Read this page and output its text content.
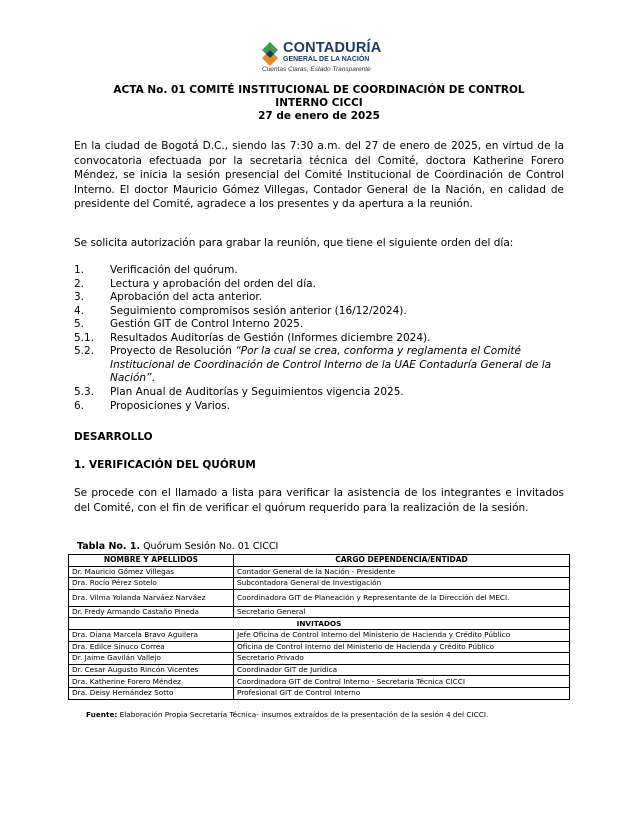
CONTADURÍA
GENERAL DE LA NACIÓN
Cuentas Claras, Estado Transparente
ACTA No. 01 COMITÉ INSTITUCIONAL DE COORDINACIÓN DE CONTROL
INTERNO CICCI
27 de enero de 2025
En la ciudad de Bogotá D.C., siendo las 7:30 a.m. del 27 de enero de 2025, en virtud de la convocatoria efectuada por la secretaria técnica del Comité, doctora Katherine Forero Méndez, se inicia la sesión presencial del Comité Institucional de Coordinación de Control Interno. El doctor Mauricio Gómez Villegas, Contador General de la Nación, en calidad de presidente del Comité, agradece a los presentes y da apertura a la reunión.
Se solicita autorización para grabar la reunión, que tiene el siguiente orden del día:
1. Verificación del quórum.
2. Lectura y aprobación del orden del día.
3. Aprobación del acta anterior.
4. Seguimiento compromisos sesión anterior (16/12/2024).
5. Gestión GIT de Control Interno 2025.
5.1. Resultados Auditorías de Gestión (Informes diciembre 2024).
5.2. Proyecto de Resolución “Por la cual se crea, conforma y reglamenta el Comité Institucional de Coordinación de Control Interno de la UAE Contaduría General de la Nación”.
5.3. Plan Anual de Auditorías y Seguimientos vigencia 2025.
6. Proposiciones y Varios.
DESARROLLO
1. VERIFICACIÓN DEL QUÓRUM
Se procede con el llamado a lista para verificar la asistencia de los integrantes e invitados del Comité, con el fin de verificar el quórum requerido para la realización de la sesión.
Tabla No. 1. Quórum Sesión No. 01 CICCI
NOMBRE Y APELLIDOS	CARGO DEPENDENCIA/ENTIDAD
Dr. Mauricio Gómez Villegas	Contador General de la Nación - Presidente
Dra. Rocío Pérez Sotelo	Subcontadora General de Investigación
Dra. Vilma Yolanda Narváez Narváez	Coordinadora GIT de Planeación y Representante de la Dirección del MECI.
Dr. Fredy Armando Castaño Pineda	Secretario General
INVITADOS	
Dra. Diana Marcela Bravo Aguilera	Jefe Oficina de Control Interno del Ministerio de Hacienda y Crédito Público
Dra. Edilce Sinuco Correa	Oficina de Control Interno del Ministerio de Hacienda y Crédito Público
Dr. Jaime Gavilán Vallejo	Secretario Privado
Dr. Cesar Augusto Rincón Vicentes	Coordinador GIT de Jurídica
Dra. Katherine Forero Méndez	Coordinadora GIT de Control Interno - Secretaria Técnica CICCI
Dra. Deisy Hernández Sotto	Profesional GIT de Control Interno
Fuente: Elaboración Propia Secretaría Técnica- insumos extraídos de la presentación de la sesión 4 del CICCI.
